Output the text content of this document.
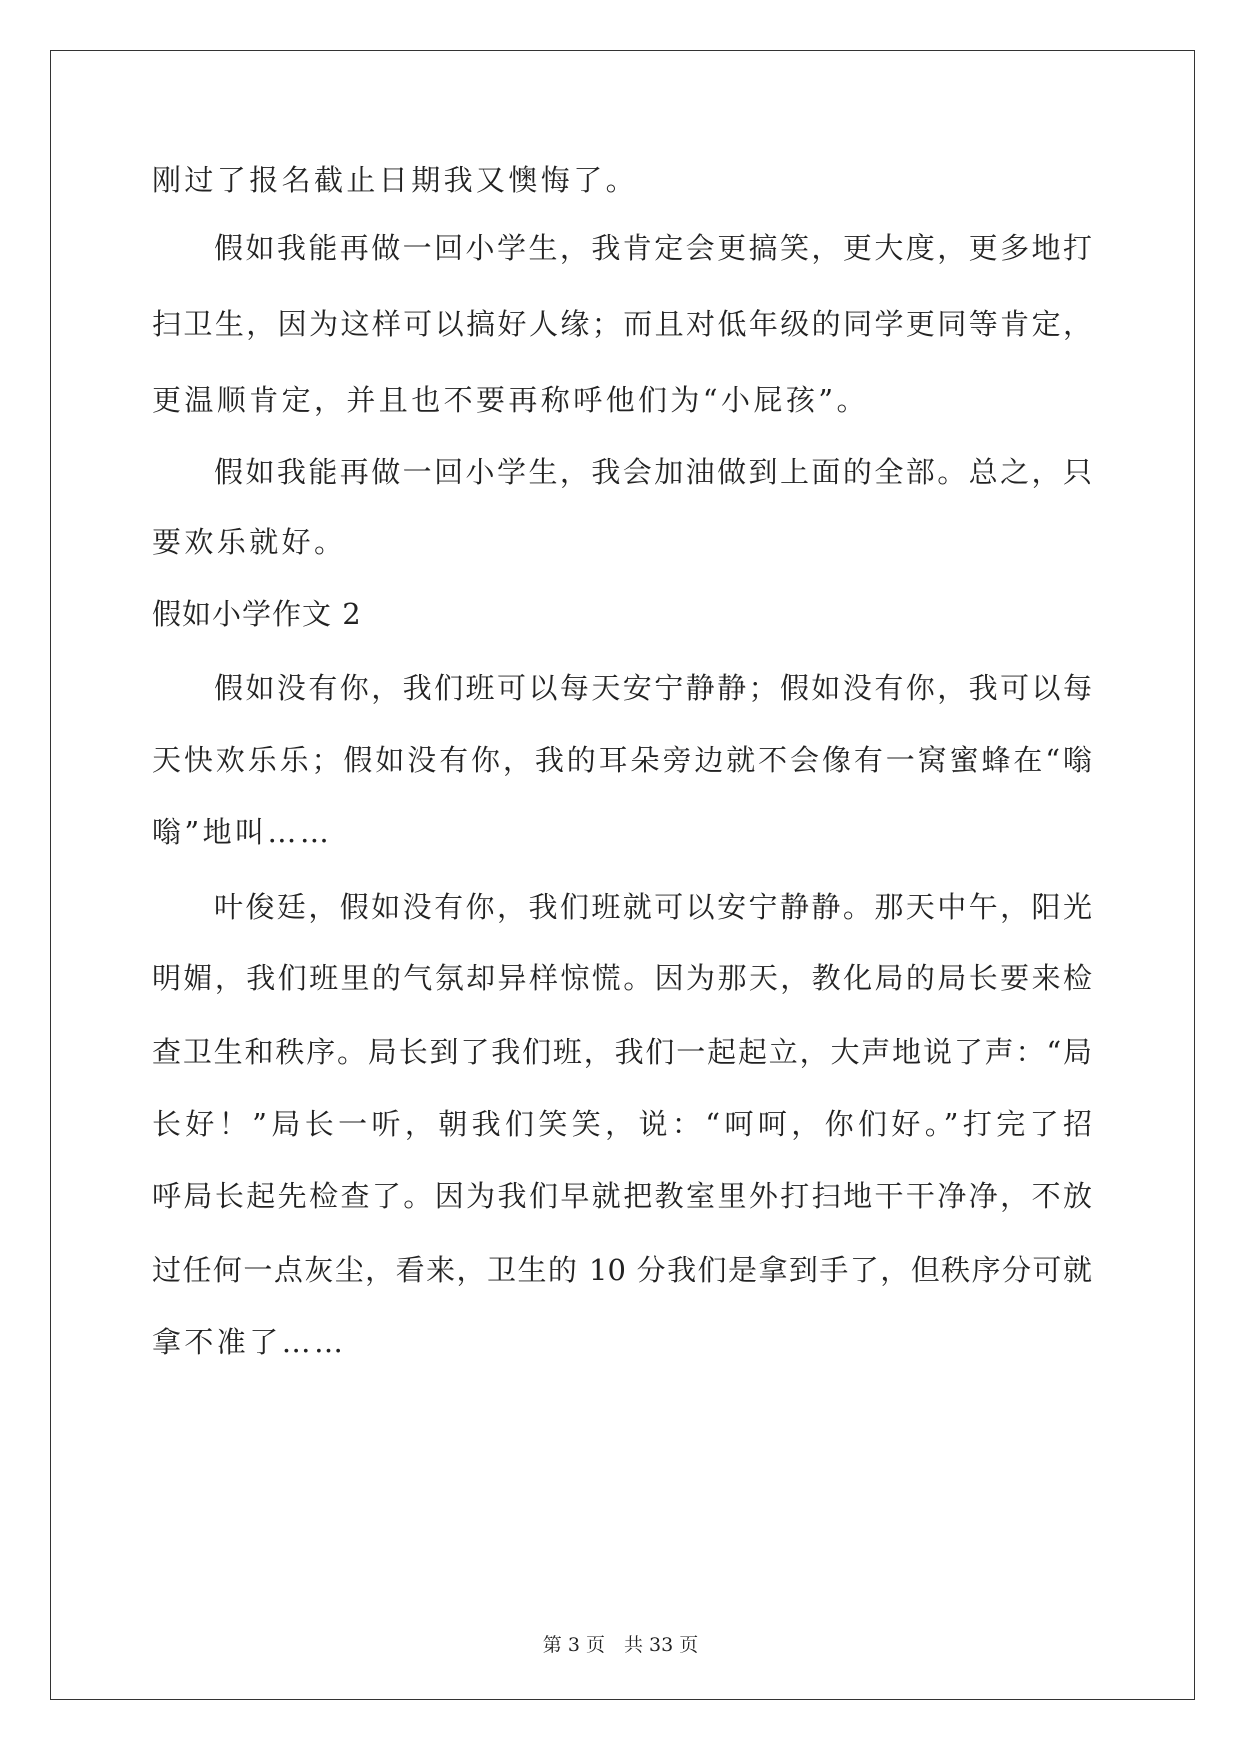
刚过了报名截止日期我又懊悔了。
假如我能再做一回小学生，我肯定会更搞笑，更大度，更多地打
扫卫生，因为这样可以搞好人缘；而且对低年级的同学更同等肯定，
更温顺肯定，并且也不要再称呼他们为“小屁孩”。
假如我能再做一回小学生，我会加油做到上面的全部。总之，只
要欢乐就好。
假如小学作文 2
假如没有你，我们班可以每天安宁静静；假如没有你，我可以每
天快欢乐乐；假如没有你，我的耳朵旁边就不会像有一窝蜜蜂在“嗡
嗡”地叫……
叶俊廷，假如没有你，我们班就可以安宁静静。那天中午，阳光
明媚，我们班里的气氛却异样惊慌。因为那天，教化局的局长要来检
查卫生和秩序。局长到了我们班，我们一起起立，大声地说了声：“局
长好！”局长一听，朝我们笑笑，说：“呵呵，你们好。”打完了招
呼局长起先检查了。因为我们早就把教室里外打扫地干干净净，不放
过任何一点灰尘，看来，卫生的 10 分我们是拿到手了，但秩序分可就
拿不准了……
第 3 页　共 33 页
